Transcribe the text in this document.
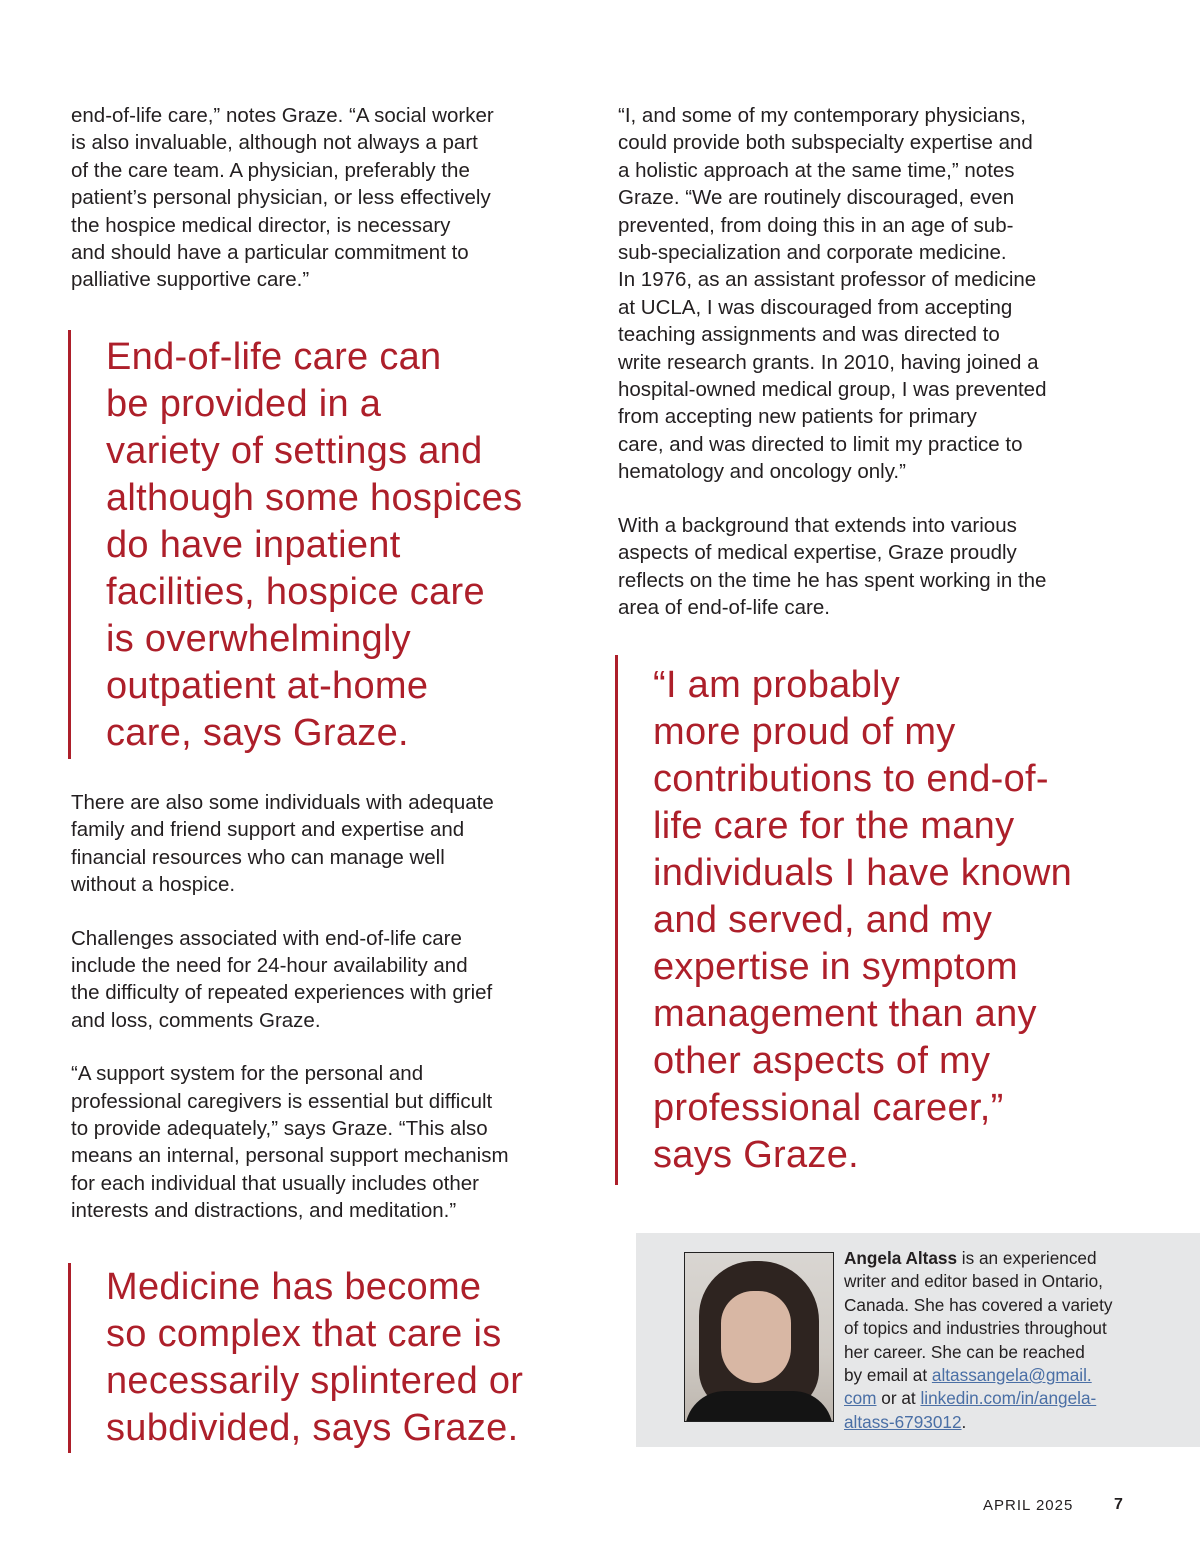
end-of-life care,” notes Graze. “A social worker
is also invaluable, although not always a part
of the care team. A physician, preferably the
patient’s personal physician, or less effectively
the hospice medical director, is necessary
and should have a particular commitment to
palliative supportive care.”
End-of-life care can
be provided in a
variety of settings and
although some hospices
do have inpatient
facilities, hospice care
is overwhelmingly
outpatient at-home
care, says Graze.
There are also some individuals with adequate
family and friend support and expertise and
financial resources who can manage well
without a hospice.
Challenges associated with end-of-life care
include the need for 24-hour availability and
the difficulty of repeated experiences with grief
and loss, comments Graze.
“A support system for the personal and
professional caregivers is essential but difficult
to provide adequately,” says Graze. “This also
means an internal, personal support mechanism
for each individual that usually includes other
interests and distractions, and meditation.”
Medicine has become
so complex that care is
necessarily splintered or
subdivided, says Graze.
“I, and some of my contemporary physicians,
could provide both subspecialty expertise and
a holistic approach at the same time,” notes
Graze. “We are routinely discouraged, even
prevented, from doing this in an age of sub-
sub-specialization and corporate medicine.
In 1976, as an assistant professor of medicine
at UCLA, I was discouraged from accepting
teaching assignments and was directed to
write research grants. In 2010, having joined a
hospital-owned medical group, I was prevented
from accepting new patients for primary
care, and was directed to limit my practice to
hematology and oncology only.”
With a background that extends into various
aspects of medical expertise, Graze proudly
reflects on the time he has spent working in the
area of end-of-life care.
“I am probably
more proud of my
contributions to end-of-
life care for the many
individuals I have known
and served, and my
expertise in symptom
management than any
other aspects of my
professional career,”
says Graze.
Angela Altass is an experienced
writer and editor based in Ontario,
Canada. She has covered a variety
of topics and industries throughout
her career. She can be reached
by email at altassangela@gmail.
com or at linkedin.com/in/angela-
altass-6793012.
APRIL 2025	7
